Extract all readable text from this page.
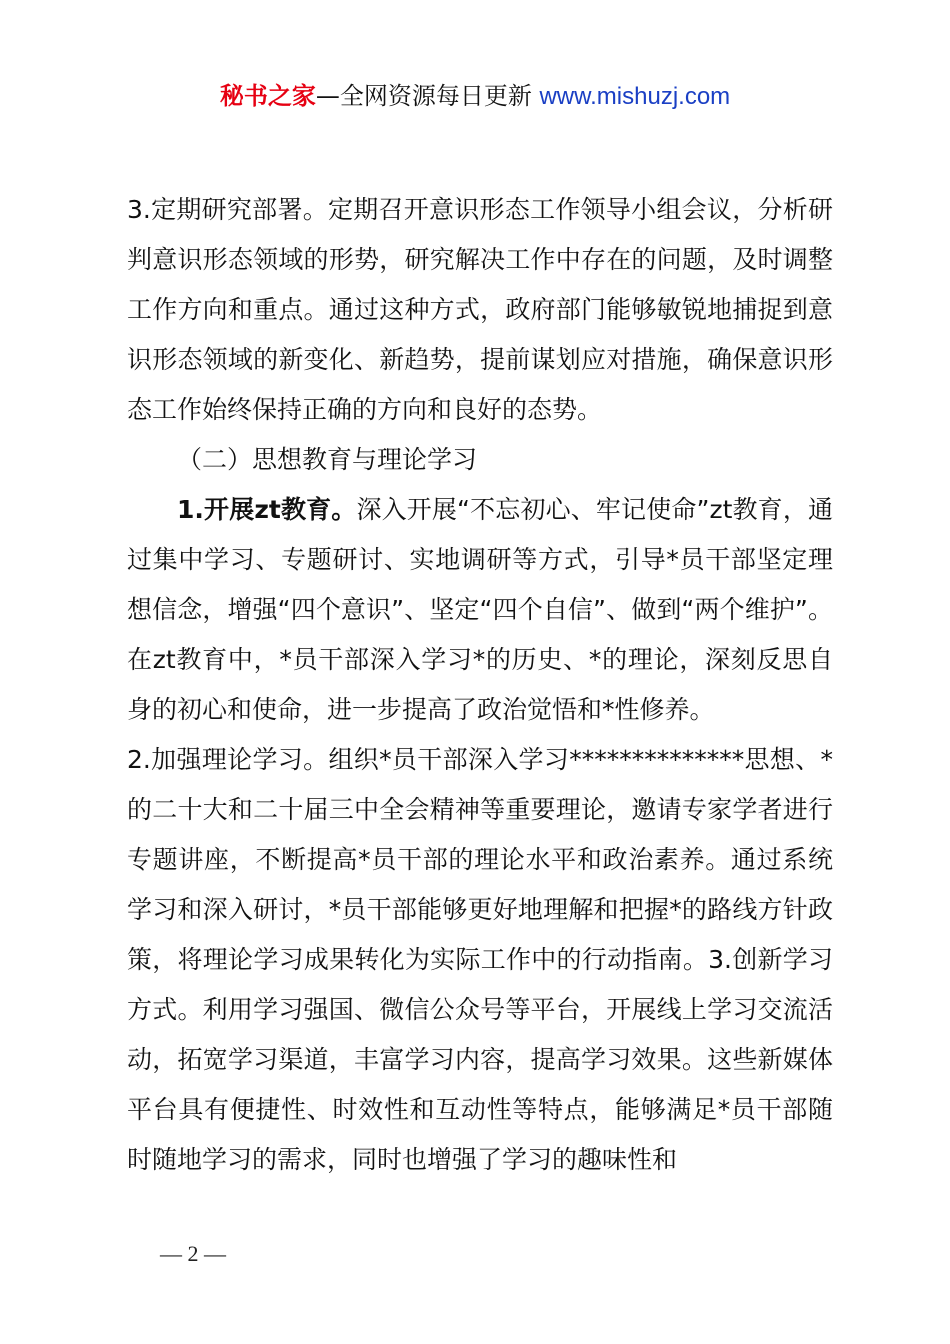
秘书之家—全网资源每日更新 www.mishuzj.com

3.定期研究部署。定期召开意识形态工作领导小组会议，分析研判意识形态领域的形势，研究解决工作中存在的问题，及时调整工作方向和重点。通过这种方式，政府部门能够敏锐地捕捉到意识形态领域的新变化、新趋势，提前谋划应对措施，确保意识形态工作始终保持正确的方向和良好的态势。

（二）思想教育与理论学习

1.开展zt教育。深入开展“不忘初心、牢记使命”zt教育，通过集中学习、专题研讨、实地调研等方式，引导*员干部坚定理想信念，增强“四个意识”、坚定“四个自信”、做到“两个维护”。在zt教育中，*员干部深入学习*的历史、*的理论，深刻反思自身的初心和使命，进一步提高了政治觉悟和*性修养。

2.加强理论学习。组织*员干部深入学习**************思想、*的二十大和二十届三中全会精神等重要理论，邀请专家学者进行专题讲座，不断提高*员干部的理论水平和政治素养。通过系统学习和深入研讨，*员干部能够更好地理解和把握*的路线方针政策，将理论学习成果转化为实际工作中的行动指南。3.创新学习方式。利用学习强国、微信公众号等平台，开展线上学习交流活动，拓宽学习渠道，丰富学习内容，提高学习效果。这些新媒体平台具有便捷性、时效性和互动性等特点，能够满足*员干部随时随地学习的需求，同时也增强了学习的趣味性和

— 2 —
